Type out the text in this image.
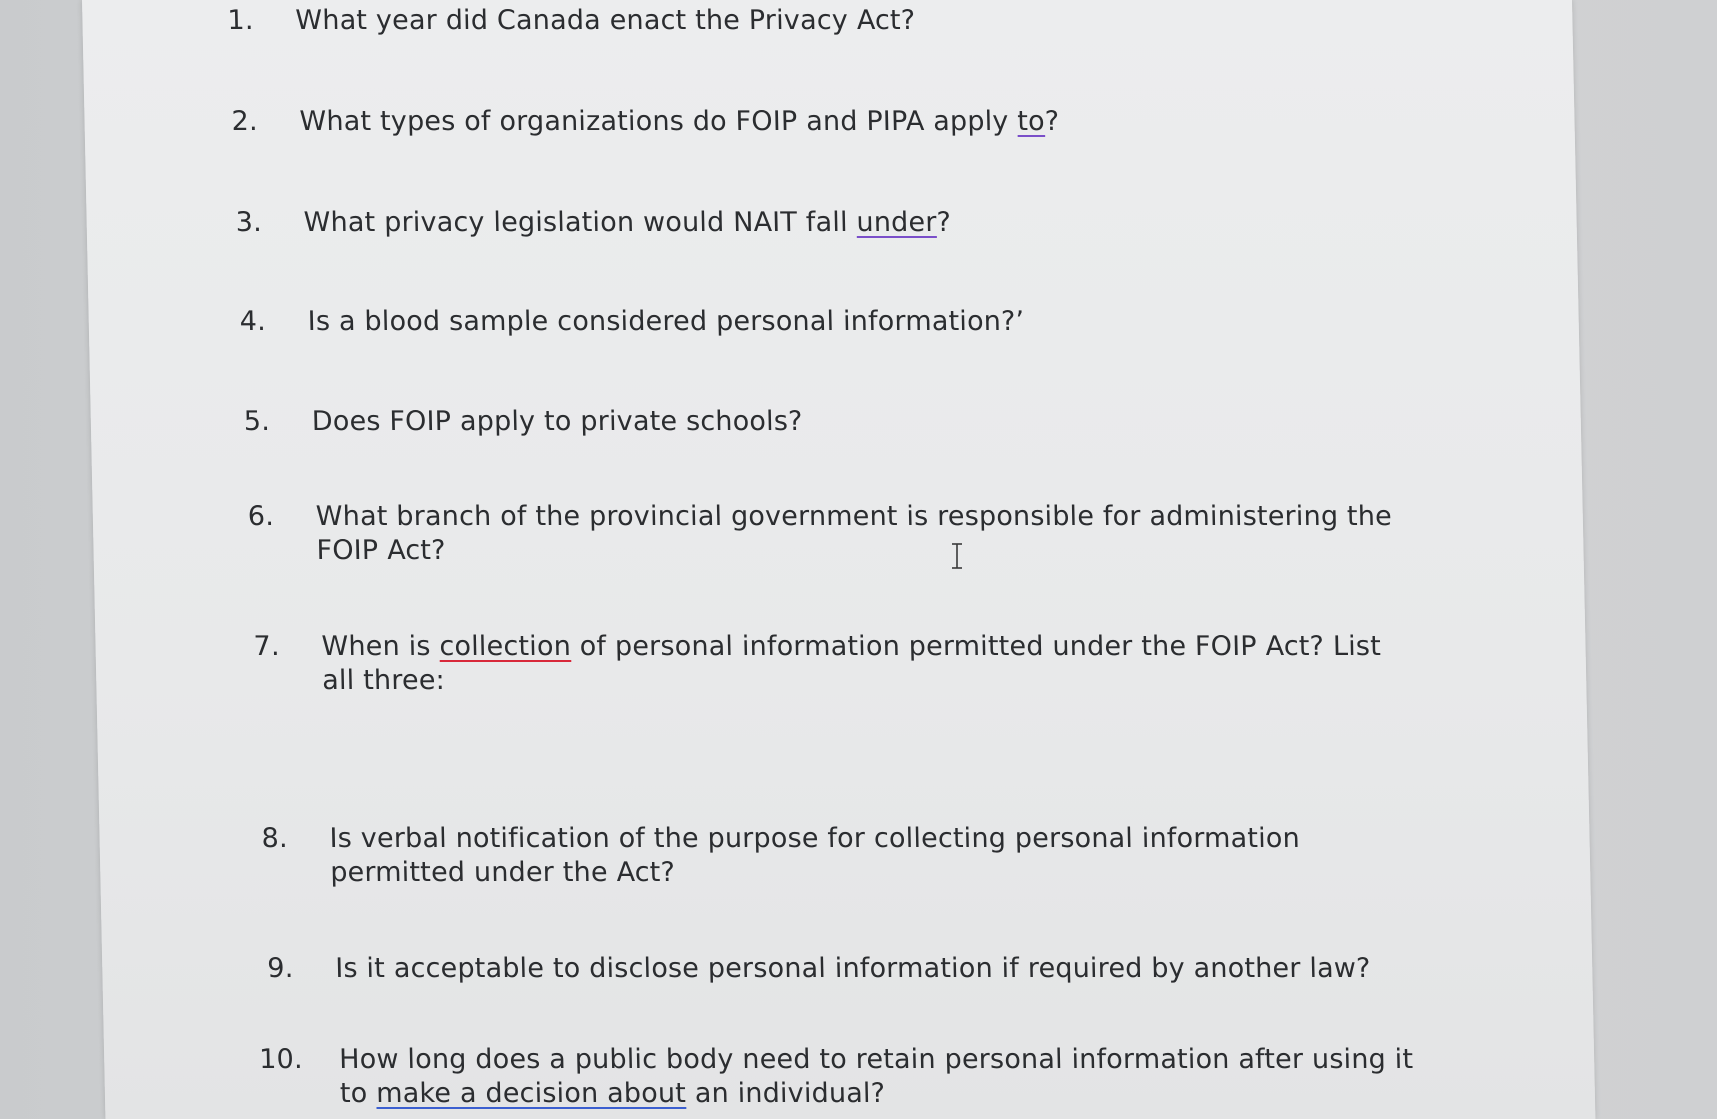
1.	What year did Canada enact the Privacy Act?
2.	What types of organizations do FOIP and PIPA apply to?
3.	What privacy legislation would NAIT fall under?
4.	Is a blood sample considered personal information?’
5.	Does FOIP apply to private schools?
6.	What branch of the provincial government is responsible for administering the FOIP Act?
7.	When is collection of personal information permitted under the FOIP Act? List all three:
8.	Is verbal notification of the purpose for collecting personal information permitted under the Act?
9.	Is it acceptable to disclose personal information if required by another law?
10.	How long does a public body need to retain personal information after using it to make a decision about an individual?
